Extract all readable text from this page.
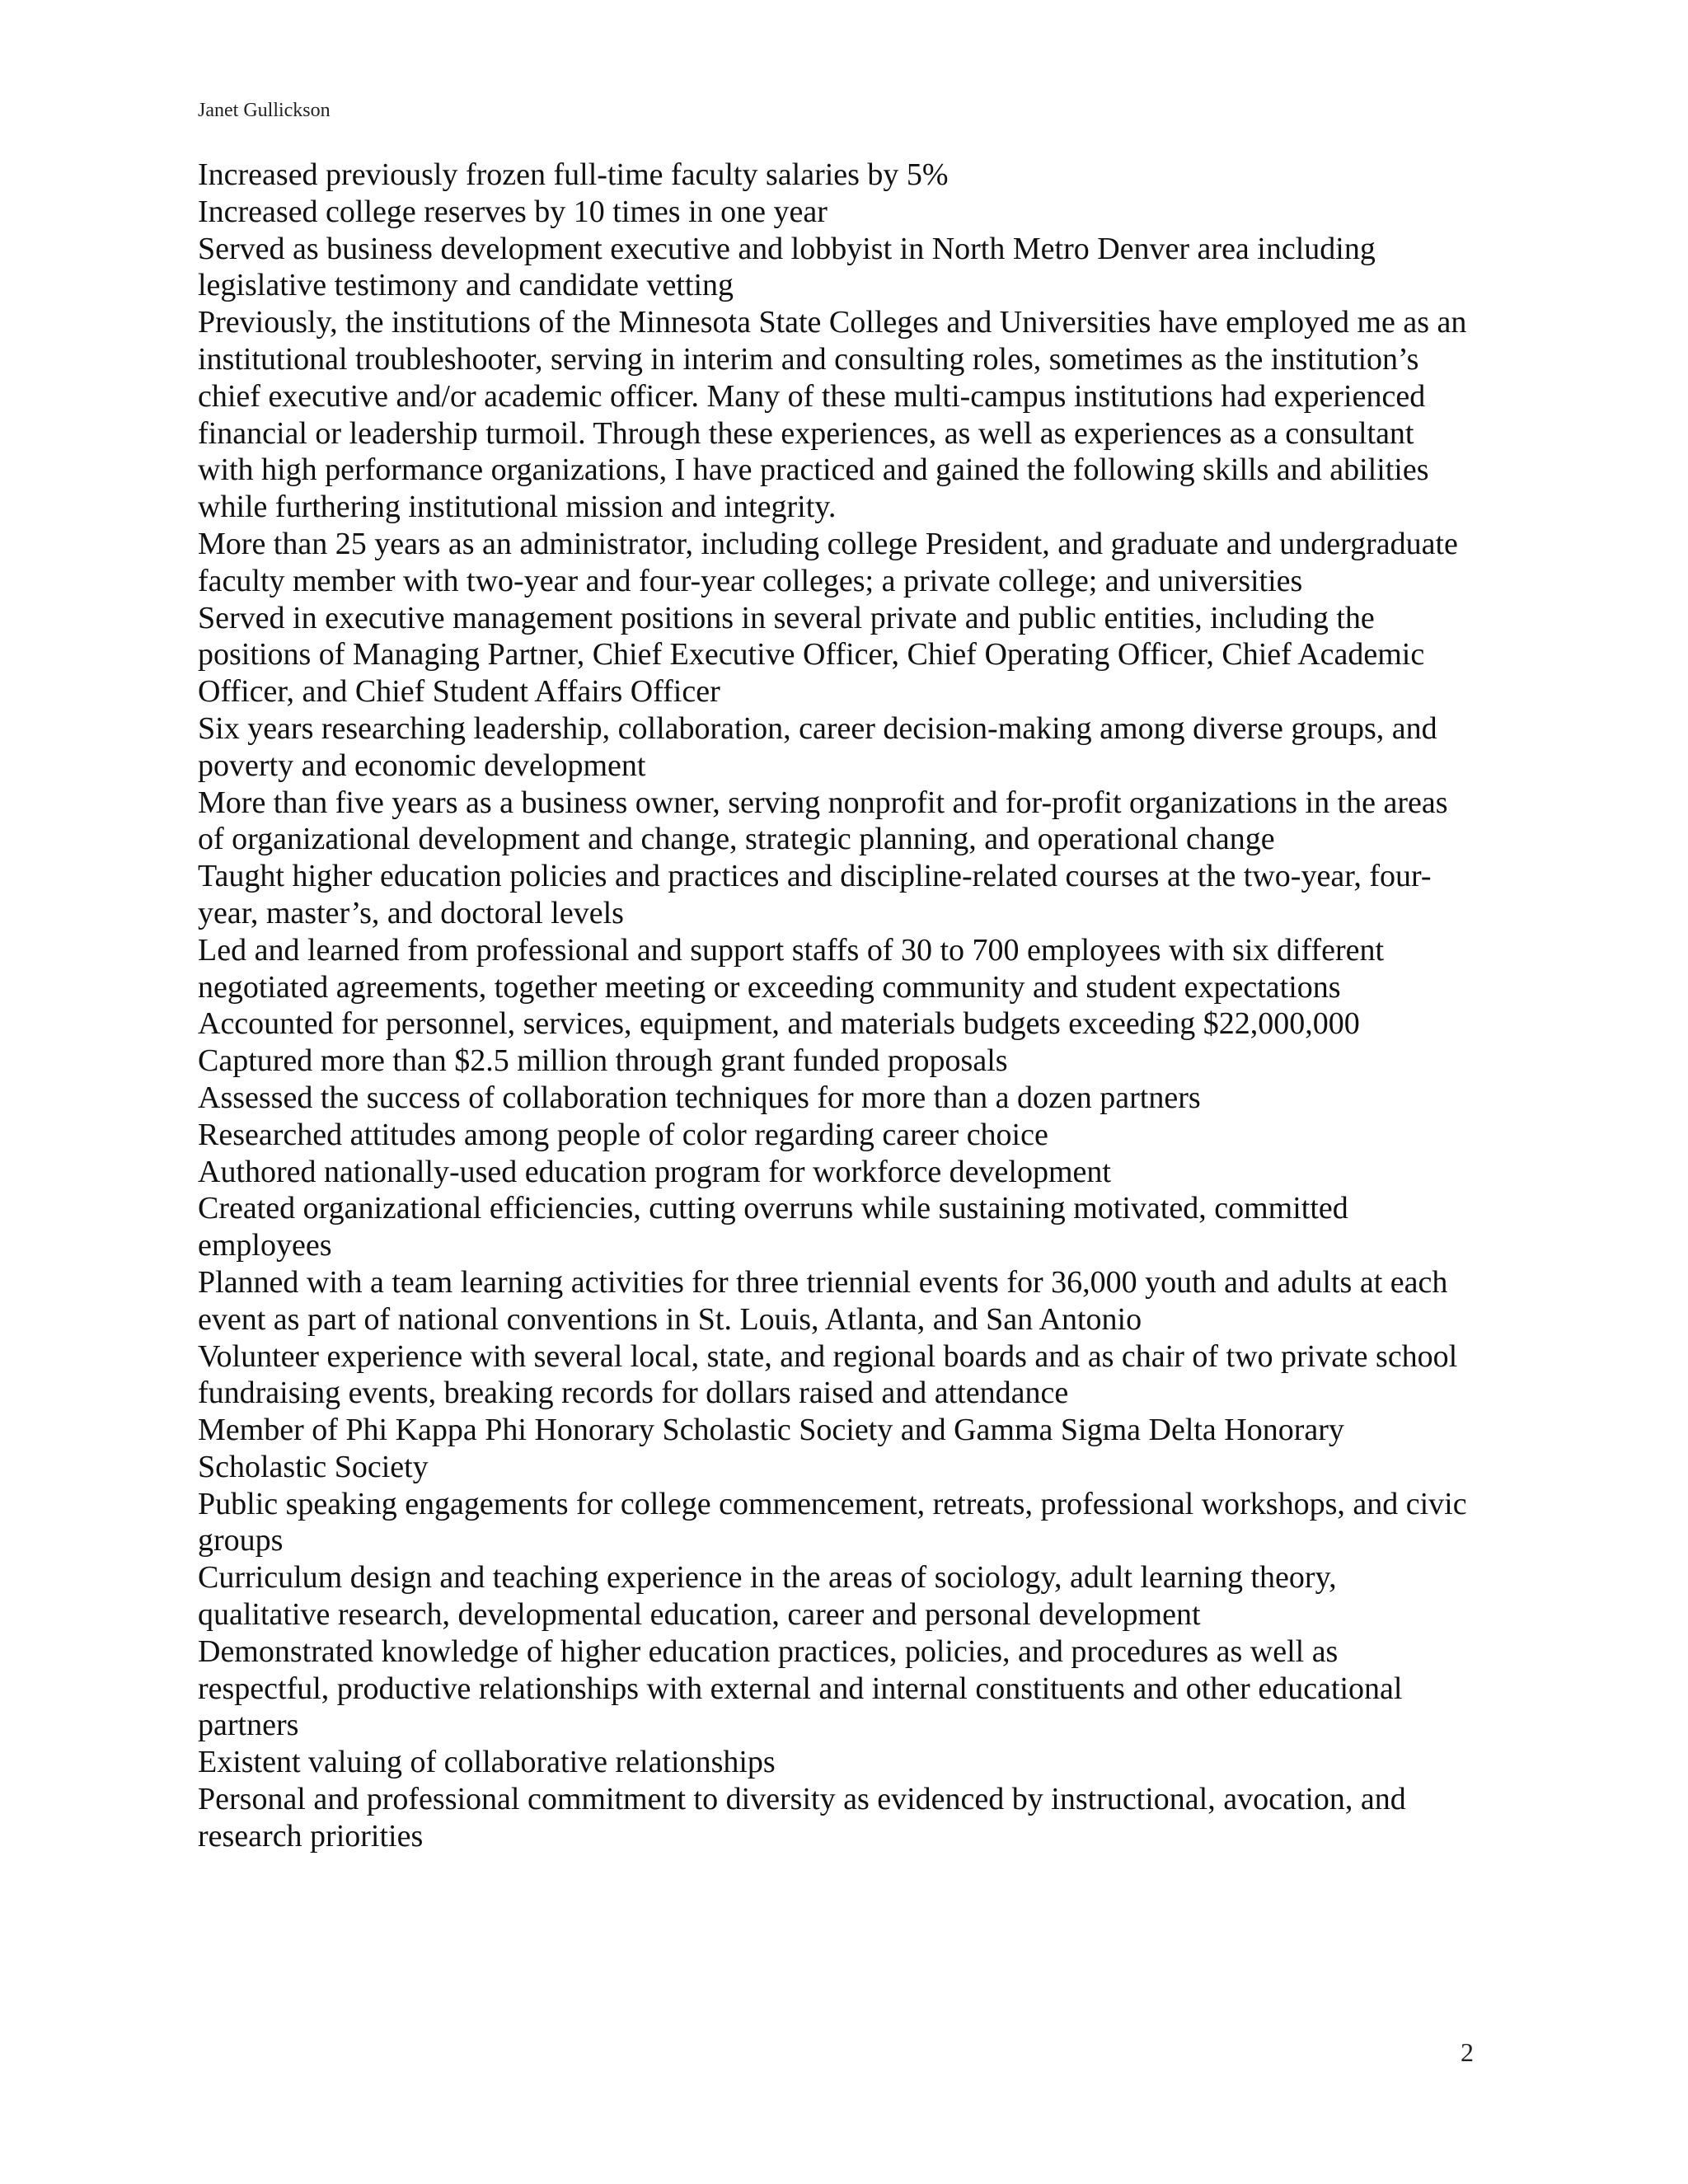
Janet Gullickson
Increased previously frozen full-time faculty salaries by 5%
Increased college reserves by 10 times in one year
Served as business development executive and lobbyist in North Metro Denver area including
legislative testimony and candidate vetting
Previously, the institutions of the Minnesota State Colleges and Universities have employed me as an
institutional troubleshooter, serving in interim and consulting roles, sometimes as the institution’s
chief executive and/or academic officer. Many of these multi-campus institutions had experienced
financial or leadership turmoil. Through these experiences, as well as experiences as a consultant
with high performance organizations, I have practiced and gained the following skills and abilities
while furthering institutional mission and integrity.
More than 25 years as an administrator, including college President, and graduate and undergraduate
faculty member with two-year and four-year colleges; a private college; and universities
Served in executive management positions in several private and public entities, including the
positions of Managing Partner, Chief Executive Officer, Chief Operating Officer, Chief Academic
Officer, and Chief Student Affairs Officer
Six years researching leadership, collaboration, career decision-making among diverse groups, and
poverty and economic development
More than five years as a business owner, serving nonprofit and for-profit organizations in the areas
of organizational development and change, strategic planning, and operational change
Taught higher education policies and practices and discipline-related courses at the two-year, four-
year, master’s, and doctoral levels
Led and learned from professional and support staffs of 30 to 700 employees with six different
negotiated agreements, together meeting or exceeding community and student expectations
Accounted for personnel, services, equipment, and materials budgets exceeding $22,000,000
Captured more than $2.5 million through grant funded proposals
Assessed the success of collaboration techniques for more than a dozen partners
Researched attitudes among people of color regarding career choice
Authored nationally-used education program for workforce development
Created organizational efficiencies, cutting overruns while sustaining motivated, committed
employees
Planned with a team learning activities for three triennial events for 36,000 youth and adults at each
event as part of national conventions in St. Louis, Atlanta, and San Antonio
Volunteer experience with several local, state, and regional boards and as chair of two private school
fundraising events, breaking records for dollars raised and attendance
Member of Phi Kappa Phi Honorary Scholastic Society and Gamma Sigma Delta Honorary
Scholastic Society
Public speaking engagements for college commencement, retreats, professional workshops, and civic
groups
Curriculum design and teaching experience in the areas of sociology, adult learning theory,
qualitative research, developmental education, career and personal development
Demonstrated knowledge of higher education practices, policies, and procedures as well as
respectful, productive relationships with external and internal constituents and other educational
partners
Existent valuing of collaborative relationships
Personal and professional commitment to diversity as evidenced by instructional, avocation, and
research priorities
2
